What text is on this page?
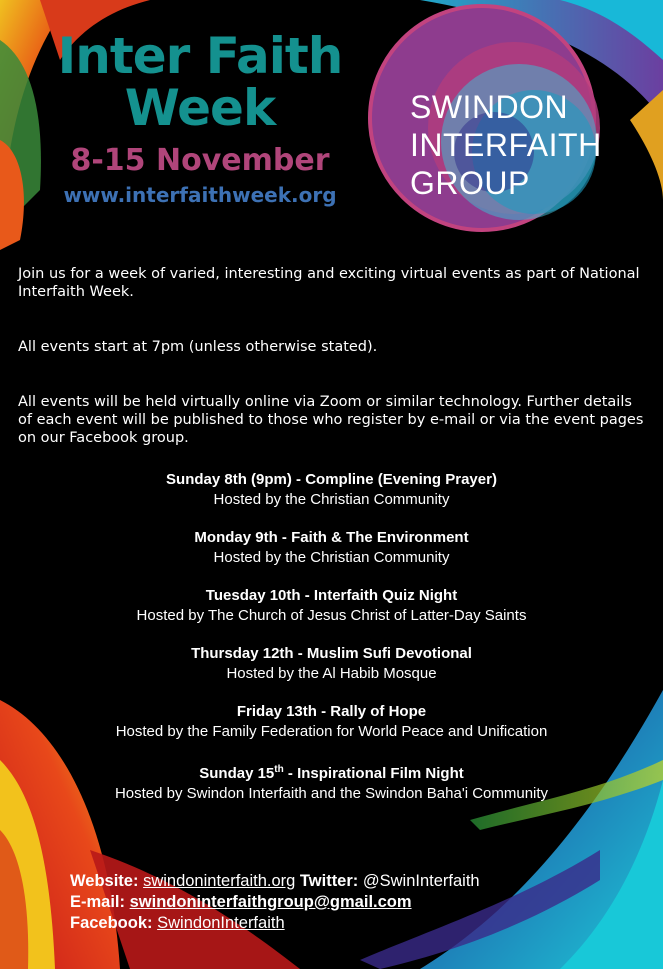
Inter Faith
Week
8-15 November
www.interfaithweek.org
SWINDON
INTERFAITH
GROUP
Join us for a week of varied, interesting and exciting virtual events as part of National Interfaith Week.
All events start at 7pm (unless otherwise stated).
All events will be held virtually online via Zoom or similar technology. Further details of each event will be published to those who register by e-mail or via the event pages on our Facebook group.
Sunday 8th (9pm) - Compline (Evening Prayer)
Hosted by the Christian Community
Monday 9th - Faith & The Environment
Hosted by the Christian Community
Tuesday 10th - Interfaith Quiz Night
Hosted by The Church of Jesus Christ of Latter-Day Saints
Thursday 12th - Muslim Sufi Devotional
Hosted by the Al Habib Mosque
Friday 13th - Rally of Hope
Hosted by the Family Federation for World Peace and Unification
Sunday 15th - Inspirational Film Night
Hosted by Swindon Interfaith and the Swindon Baha'i Community
Website: swindoninterfaith.org Twitter: @SwinInterfaith
E-mail: swindoninterfaithgroup@gmail.com
Facebook: SwindonInterfaith
